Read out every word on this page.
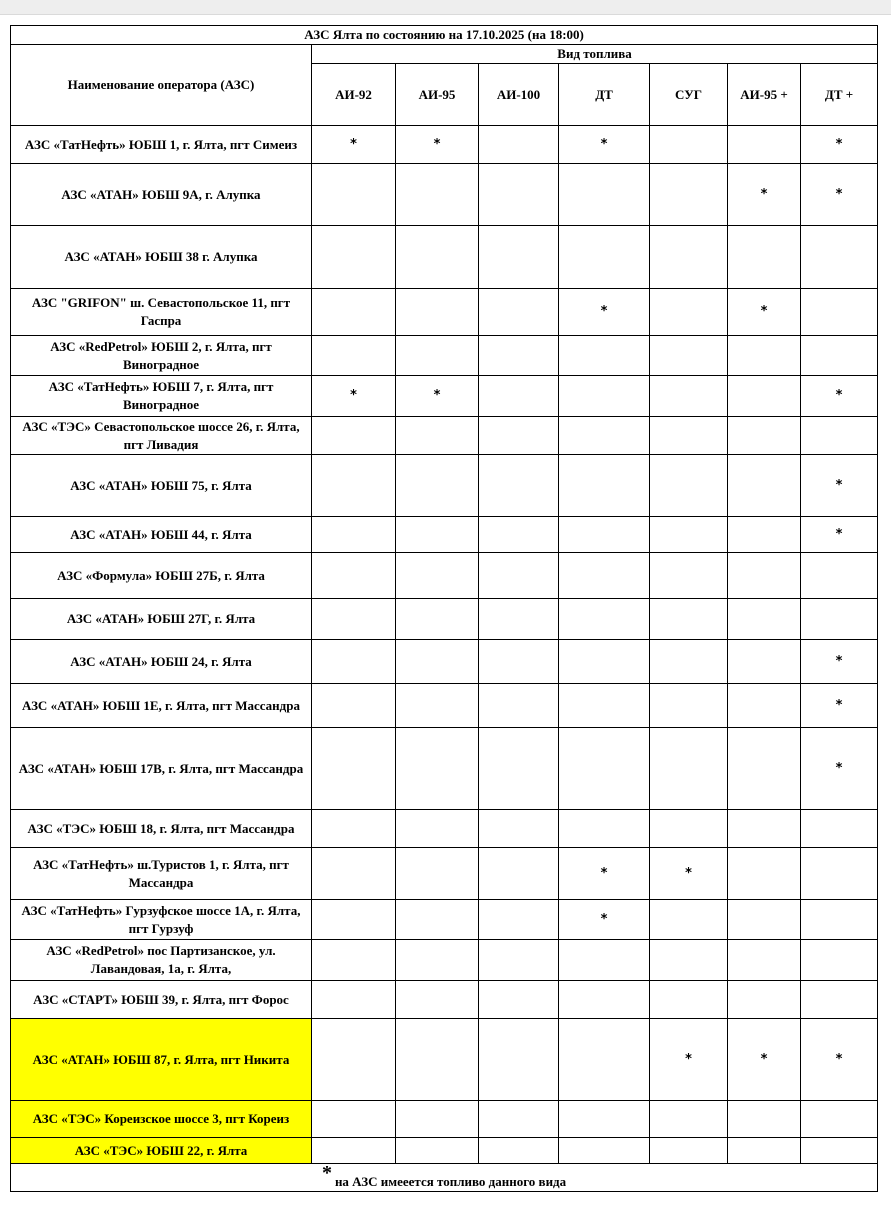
АЗС Ялта по состоянию на 17.10.2025 (на 18:00)							
Наименование оператора (АЗС)	Вид топлива						
	АИ-92	АИ-95	АИ-100	ДТ	СУГ	АИ-95 +	ДТ +
АЗС «ТатНефть» ЮБШ 1, г. Ялта, пгт Симеиз	*	*		*			*
АЗС «АТАН» ЮБШ 9А, г. Алупка						*	*
АЗС «АТАН» ЮБШ 38 г. Алупка							
АЗС "GRIFON" ш. Севастопольское 11, пгт Гаспра				*		*	
АЗС «RedPetrol» ЮБШ 2, г. Ялта, пгт Виноградное							
АЗС «ТатНефть» ЮБШ 7, г. Ялта, пгт Виноградное	*	*					*
АЗС «ТЭС» Севастопольское шоссе 26, г. Ялта, пгт Ливадия							
АЗС «АТАН» ЮБШ 75, г. Ялта							*
АЗС «АТАН» ЮБШ 44, г. Ялта							*
АЗС «Формула» ЮБШ 27Б, г. Ялта							
АЗС «АТАН» ЮБШ 27Г, г. Ялта							
АЗС «АТАН» ЮБШ 24, г. Ялта							*
АЗС «АТАН» ЮБШ 1Е, г. Ялта, пгт Массандра							*
АЗС «АТАН» ЮБШ 17В, г. Ялта, пгт Массандра							*
АЗС «ТЭС» ЮБШ 18, г. Ялта, пгт Массандра							
АЗС «ТатНефть» ш.Туристов 1, г. Ялта, пгт Массандра				*	*		
АЗС «ТатНефть» Гурзуфское шоссе 1А, г. Ялта, пгт Гурзуф				*			
АЗС «RedPetrol» пос Партизанское, ул. Лавандовая, 1а, г. Ялта,							
АЗС «СТАРТ» ЮБШ 39, г. Ялта, пгт Форос							
АЗС «АТАН» ЮБШ 87, г. Ялта, пгт Никита					*	*	*
АЗС «ТЭС» Кореизское шоссе 3, пгт Кореиз							
АЗС «ТЭС» ЮБШ 22, г. Ялта							
* на АЗС имееется топливо данного вида							
